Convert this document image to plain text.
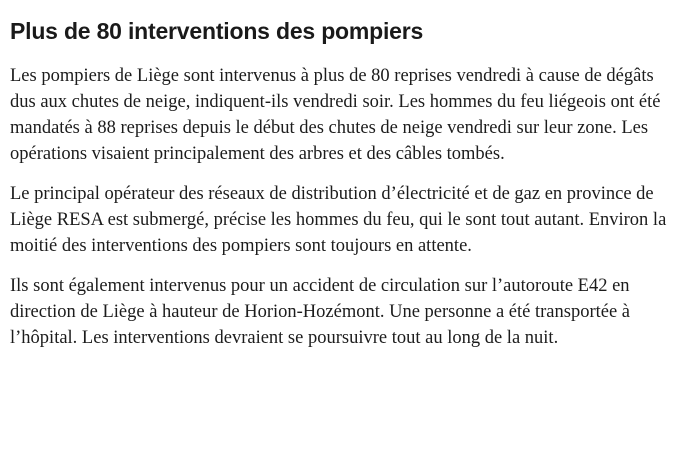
Plus de 80 interventions des pompiers

Les pompiers de Liège sont intervenus à plus de 80 reprises vendredi à cause de dégâts dus aux chutes de neige, indiquent-ils vendredi soir. Les hommes du feu liégeois ont été mandatés à 88 reprises depuis le début des chutes de neige vendredi sur leur zone. Les opérations visaient principalement des arbres et des câbles tombés.

Le principal opérateur des réseaux de distribution d’électricité et de gaz en province de Liège RESA est submergé, précise les hommes du feu, qui le sont tout autant. Environ la moitié des interventions des pompiers sont toujours en attente.

Ils sont également intervenus pour un accident de circulation sur l’autoroute E42 en direction de Liège à hauteur de Horion-Hozémont. Une personne a été transportée à l’hôpital. Les interventions devraient se poursuivre tout au long de la nuit.
